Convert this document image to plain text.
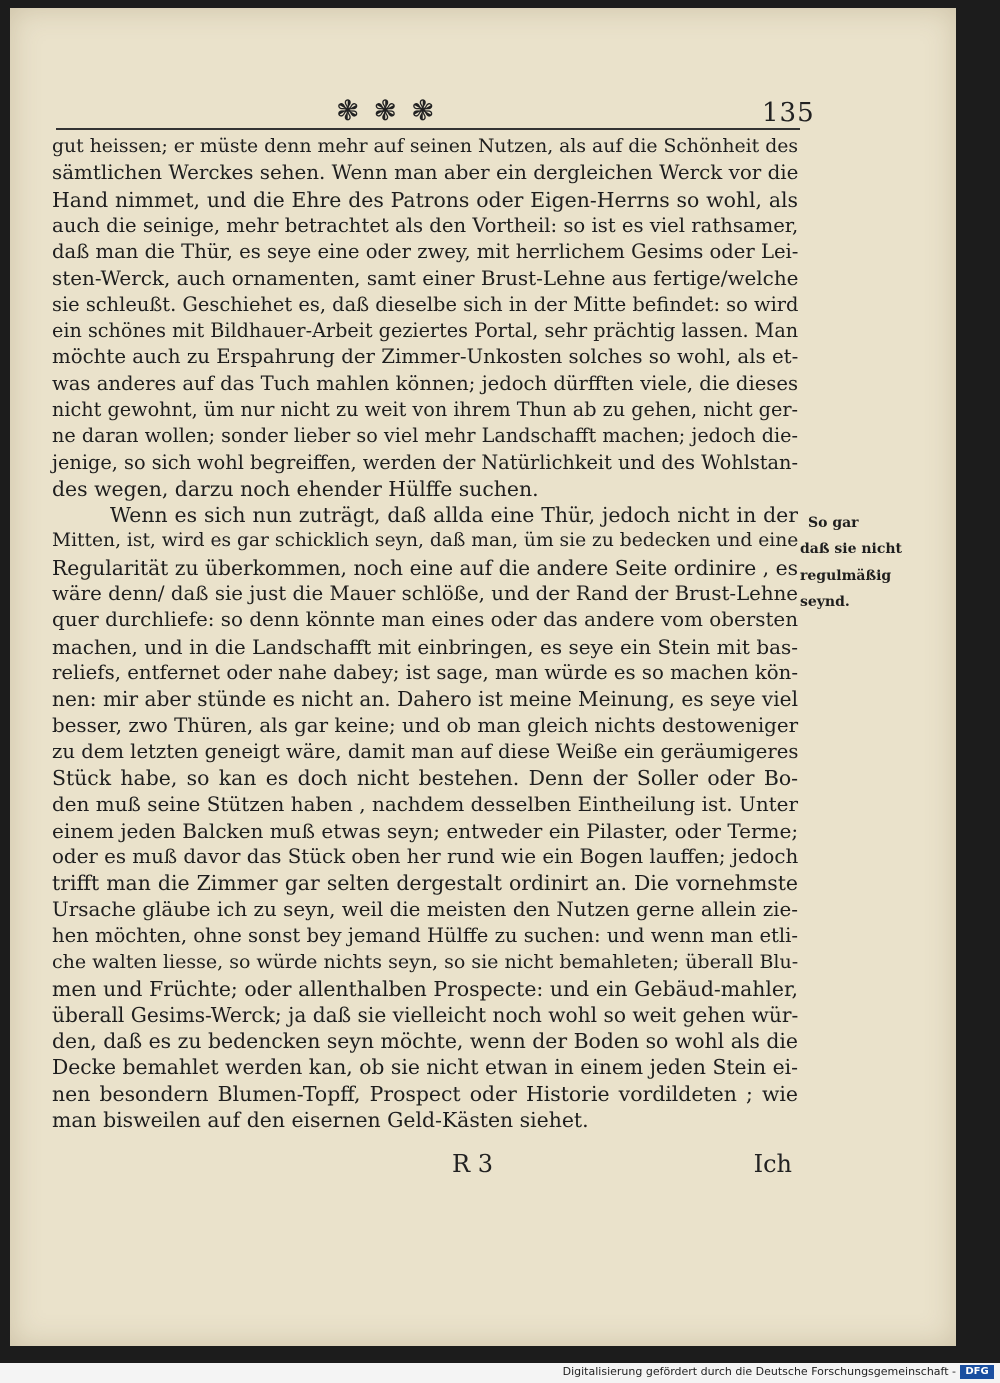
❃ ❃ ❃	135
gut heissen; er müste denn mehr auf seinen Nutzen, als auf die Schönheit des
sämtlichen Werckes sehen. Wenn man aber ein dergleichen Werck vor die
Hand nimmet, und die Ehre des Patrons oder Eigen-Herrns so wohl, als
auch die seinige, mehr betrachtet als den Vortheil: so ist es viel rathsamer,
daß man die Thür, es seye eine oder zwey, mit herrlichem Gesims oder Lei-
sten-Werck, auch ornamenten, samt einer Brust-Lehne aus fertige/welche
sie schleußt. Geschiehet es, daß dieselbe sich in der Mitte befindet: so wird
ein schönes mit Bildhauer-Arbeit geziertes Portal, sehr prächtig lassen. Man
möchte auch zu Erspahrung der Zimmer-Unkosten solches so wohl, als et-
was anderes auf das Tuch mahlen können; jedoch dürfften viele, die dieses
nicht gewohnt, üm nur nicht zu weit von ihrem Thun ab zu gehen, nicht ger-
ne daran wollen; sonder lieber so viel mehr Landschafft machen; jedoch die-
jenige, so sich wohl begreiffen, werden der Natürlichkeit und des Wohlstan-
des wegen, darzu noch ehender Hülffe suchen.
Wenn es sich nun zuträgt, daß allda eine Thür, jedoch nicht in der
Mitten, ist, wird es gar schicklich seyn, daß man, üm sie zu bedecken und eine
Regularität zu überkommen, noch eine auf die andere Seite ordinire , es
wäre denn/ daß sie just die Mauer schlöße, und der Rand der Brust-Lehne
quer durchliefe: so denn könnte man eines oder das andere vom obersten
machen, und in die Landschafft mit einbringen, es seye ein Stein mit bas-
reliefs, entfernet oder nahe dabey; ist sage, man würde es so machen kön-
nen: mir aber stünde es nicht an. Dahero ist meine Meinung, es seye viel
besser, zwo Thüren, als gar keine; und ob man gleich nichts destoweniger
zu dem letzten geneigt wäre, damit man auf diese Weiße ein geräumigeres
Stück habe, so kan es doch nicht bestehen. Denn der Soller oder Bo-
den muß seine Stützen haben , nachdem desselben Eintheilung ist. Unter
einem jeden Balcken muß etwas seyn; entweder ein Pilaster, oder Terme;
oder es muß davor das Stück oben her rund wie ein Bogen lauffen; jedoch
trifft man die Zimmer gar selten dergestalt ordinirt an. Die vornehmste
Ursache gläube ich zu seyn, weil die meisten den Nutzen gerne allein zie-
hen möchten, ohne sonst bey jemand Hülffe zu suchen: und wenn man etli-
che walten liesse, so würde nichts seyn, so sie nicht bemahleten; überall Blu-
men und Früchte; oder allenthalben Prospecte: und ein Gebäud-mahler,
überall Gesims-Werck; ja daß sie vielleicht noch wohl so weit gehen wür-
den, daß es zu bedencken seyn möchte, wenn der Boden so wohl als die
Decke bemahlet werden kan, ob sie nicht etwan in einem jeden Stein ei-
nen besondern Blumen-Topff, Prospect oder Historie vordildeten ; wie
man bisweilen auf den eisernen Geld-Kästen siehet.
So gar
daß sie nicht
regulmäßig
seynd.
R 3	Ich
Digitalisierung gefördert durch die Deutsche Forschungsgemeinschaft - DFG
